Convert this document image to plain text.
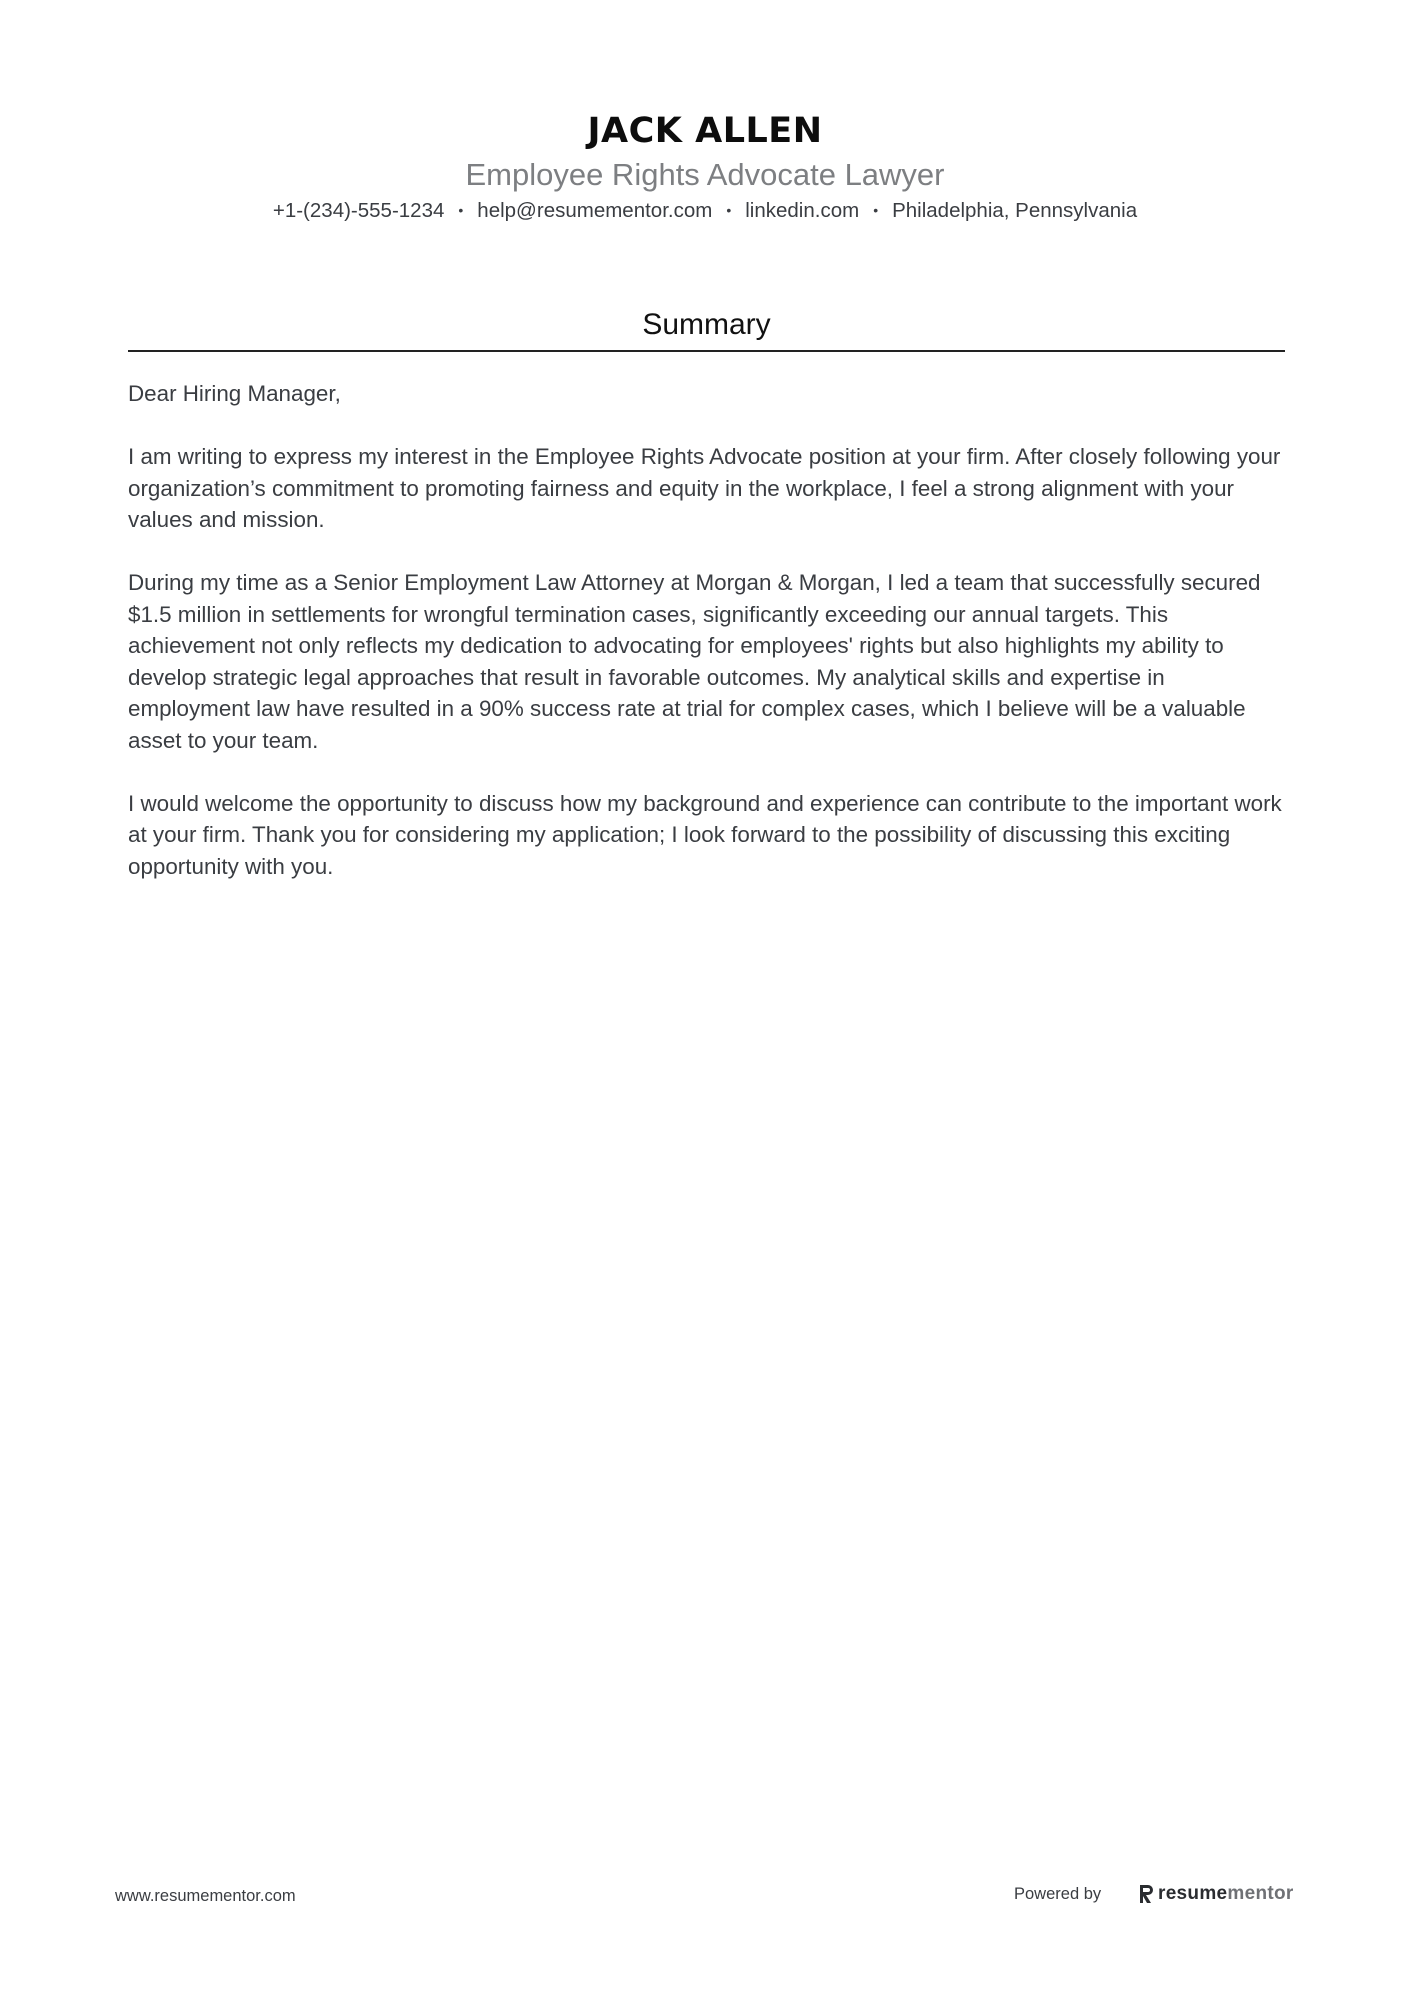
JACK ALLEN
Employee Rights Advocate Lawyer
+1-(234)-555-1234 • help@resumementor.com • linkedin.com • Philadelphia, Pennsylvania
Summary

Dear Hiring Manager,

I am writing to express my interest in the Employee Rights Advocate position at your firm. After closely following your organization’s commitment to promoting fairness and equity in the workplace, I feel a strong alignment with your values and mission.

During my time as a Senior Employment Law Attorney at Morgan & Morgan, I led a team that successfully secured $1.5 million in settlements for wrongful termination cases, significantly exceeding our annual targets. This achievement not only reflects my dedication to advocating for employees' rights but also highlights my ability to develop strategic legal approaches that result in favorable outcomes. My analytical skills and expertise in employment law have resulted in a 90% success rate at trial for complex cases, which I believe will be a valuable asset to your team.

I would welcome the opportunity to discuss how my background and experience can contribute to the important work at your firm. Thank you for considering my application; I look forward to the possibility of discussing this exciting opportunity with you.

www.resumementor.com	Powered by	resumementor
